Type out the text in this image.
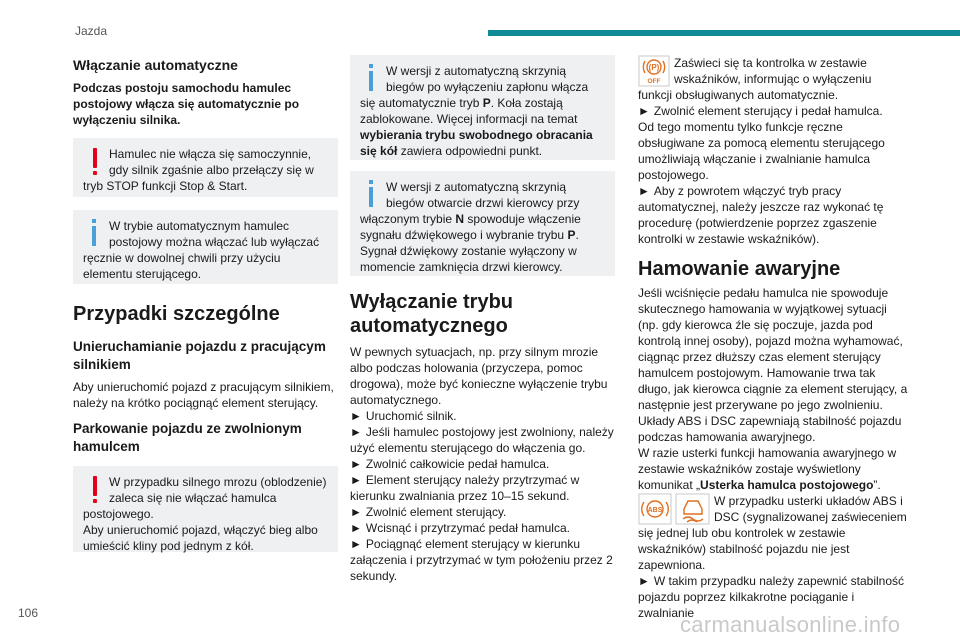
Jazda
Włączanie automatyczne

Podczas postoju samochodu hamulec postojowy włącza się automatycznie po wyłączeniu silnika.

Hamulec nie włącza się samoczynnie, gdy silnik zgaśnie albo przełączy się w tryb STOP funkcji Stop & Start.
W trybie automatycznym hamulec postojowy można włączać lub wyłączać ręcznie w dowolnej chwili przy użyciu elementu sterującego.
Przypadki szczególne
Unieruchamianie pojazdu z pracującym silnikiem

Aby unieruchomić pojazd z pracującym silnikiem, należy na krótko pociągnąć element sterujący.

Parkowanie pojazdu ze zwolnionym hamulcem
W przypadku silnego mrozu (oblodzenie) zaleca się nie włączać hamulca postojowego.
Aby unieruchomić pojazd, włączyć bieg albo umieścić kliny pod jednym z kół.
W wersji z automatyczną skrzynią biegów po wyłączeniu zapłonu włącza się automatycznie tryb P. Koła zostają zablokowane. Więcej informacji na temat wybierania trybu swobodnego obracania się kół zawiera odpowiedni punkt.
W wersji z automatyczną skrzynią biegów otwarcie drzwi kierowcy przy włączonym trybie N spowoduje włączenie sygnału dźwiękowego i wybranie trybu P. Sygnał dźwiękowy zostanie wyłączony w momencie zamknięcia drzwi kierowcy.
Wyłączanie trybu automatycznego

W pewnych sytuacjach, np. przy silnym mrozie albo podczas holowania (przyczepa, pomoc drogowa), może być konieczne wyłączenie trybu automatycznego.

► Uruchomić silnik.

► Jeśli hamulec postojowy jest zwolniony, należy użyć elementu sterującego do włączenia go.

► Zwolnić całkowicie pedał hamulca.

► Element sterujący należy przytrzymać w kierunku zwalniania przez 10–15 sekund.

► Zwolnić element sterujący.

► Wcisnąć i przytrzymać pedał hamulca.

► Pociągnąć element sterujący w kierunku załączenia i przytrzymać w tym położeniu przez 2 sekundy.

(P)
OFF

Zaświeci się ta kontrolka w zestawie wskaźników, informując o wyłączeniu funkcji obsługiwanych automatycznie.

► Zwolnić element sterujący i pedał hamulca.

Od tego momentu tylko funkcje ręczne obsługiwane za pomocą elementu sterującego umożliwiają włączanie i zwalnianie hamulca postojowego.

► Aby z powrotem włączyć tryb pracy automatycznej, należy jeszcze raz wykonać tę procedurę (potwierdzenie poprzez zgaszenie kontrolki w zestawie wskaźników).

Hamowanie awaryjne

Jeśli wciśnięcie pedału hamulca nie spowoduje skutecznego hamowania w wyjątkowej sytuacji (np. gdy kierowca źle się poczuje, jazda pod kontrolą innej osoby), pojazd można wyhamować, ciągnąc przez dłuższy czas element sterujący hamulcem postojowym. Hamowanie trwa tak długo, jak kierowca ciągnie za element sterujący, a następnie jest przerywane po jego zwolnieniu.

Układy ABS i DSC zapewniają stabilność pojazdu podczas hamowania awaryjnego.

W razie usterki funkcji hamowania awaryjnego w zestawie wskaźników zostaje wyświetlony komunikat „Usterka hamulca postojowego”.

ABS

W przypadku usterki układów ABS i DSC (sygnalizowanej zaświeceniem się jednej lub obu kontrolek w zestawie wskaźników) stabilność pojazdu nie jest zapewniona.

► W takim przypadku należy zapewnić stabilność pojazdu poprzez kilkakrotne pociąganie i zwalnianie

106	carmanualsonline.info
